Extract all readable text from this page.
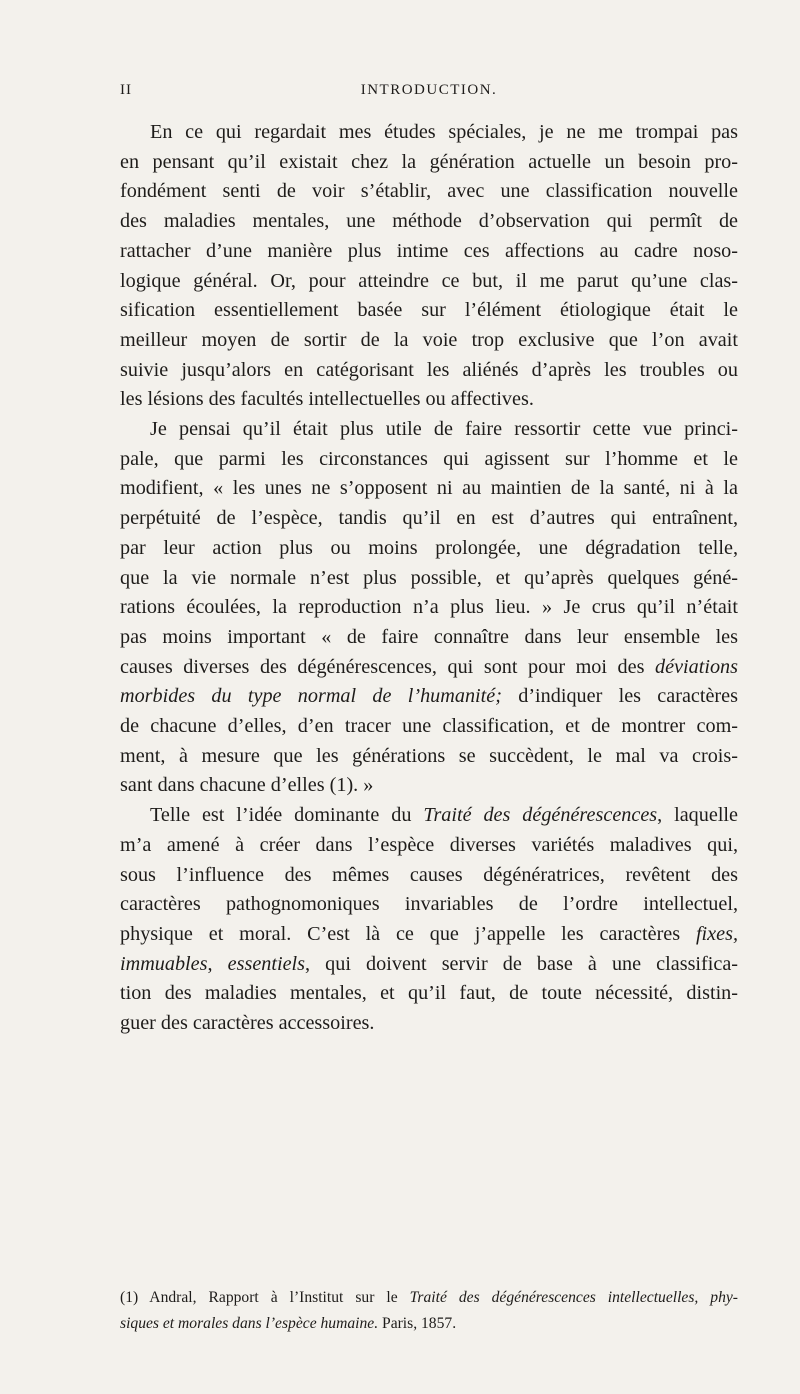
II	INTRODUCTION.
En ce qui regardait mes études spéciales, je ne me trompai pas
en pensant qu’il existait chez la génération actuelle un besoin pro-
fondément senti de voir s’établir, avec une classification nouvelle
des maladies mentales, une méthode d’observation qui permît de
rattacher d’une manière plus intime ces affections au cadre noso-
logique général. Or, pour atteindre ce but, il me parut qu’une clas-
sification essentiellement basée sur l’élément étiologique était le
meilleur moyen de sortir de la voie trop exclusive que l’on avait
suivie jusqu’alors en catégorisant les aliénés d’après les troubles ou
les lésions des facultés intellectuelles ou affectives.
Je pensai qu’il était plus utile de faire ressortir cette vue princi-
pale, que parmi les circonstances qui agissent sur l’homme et le
modifient, « les unes ne s’opposent ni au maintien de la santé, ni à la
perpétuité de l’espèce, tandis qu’il en est d’autres qui entraînent,
par leur action plus ou moins prolongée, une dégradation telle,
que la vie normale n’est plus possible, et qu’après quelques géné-
rations écoulées, la reproduction n’a plus lieu. » Je crus qu’il n’était
pas moins important « de faire connaître dans leur ensemble les
causes diverses des dégénérescences, qui sont pour moi des déviations
morbides du type normal de l’humanité; d’indiquer les caractères
de chacune d’elles, d’en tracer une classification, et de montrer com-
ment, à mesure que les générations se succèdent, le mal va crois-
sant dans chacune d’elles (1). »
Telle est l’idée dominante du Traité des dégénérescences, laquelle
m’a amené à créer dans l’espèce diverses variétés maladives qui,
sous l’influence des mêmes causes dégénératrices, revêtent des
caractères pathognomoniques invariables de l’ordre intellectuel,
physique et moral. C’est là ce que j’appelle les caractères fixes,
immuables, essentiels, qui doivent servir de base à une classifica-
tion des maladies mentales, et qu’il faut, de toute nécessité, distin-
guer des caractères accessoires.
(1) Andral, Rapport à l’Institut sur le Traité des dégénérescences intellectuelles, phy-
siques et morales dans l’espèce humaine. Paris, 1857.
